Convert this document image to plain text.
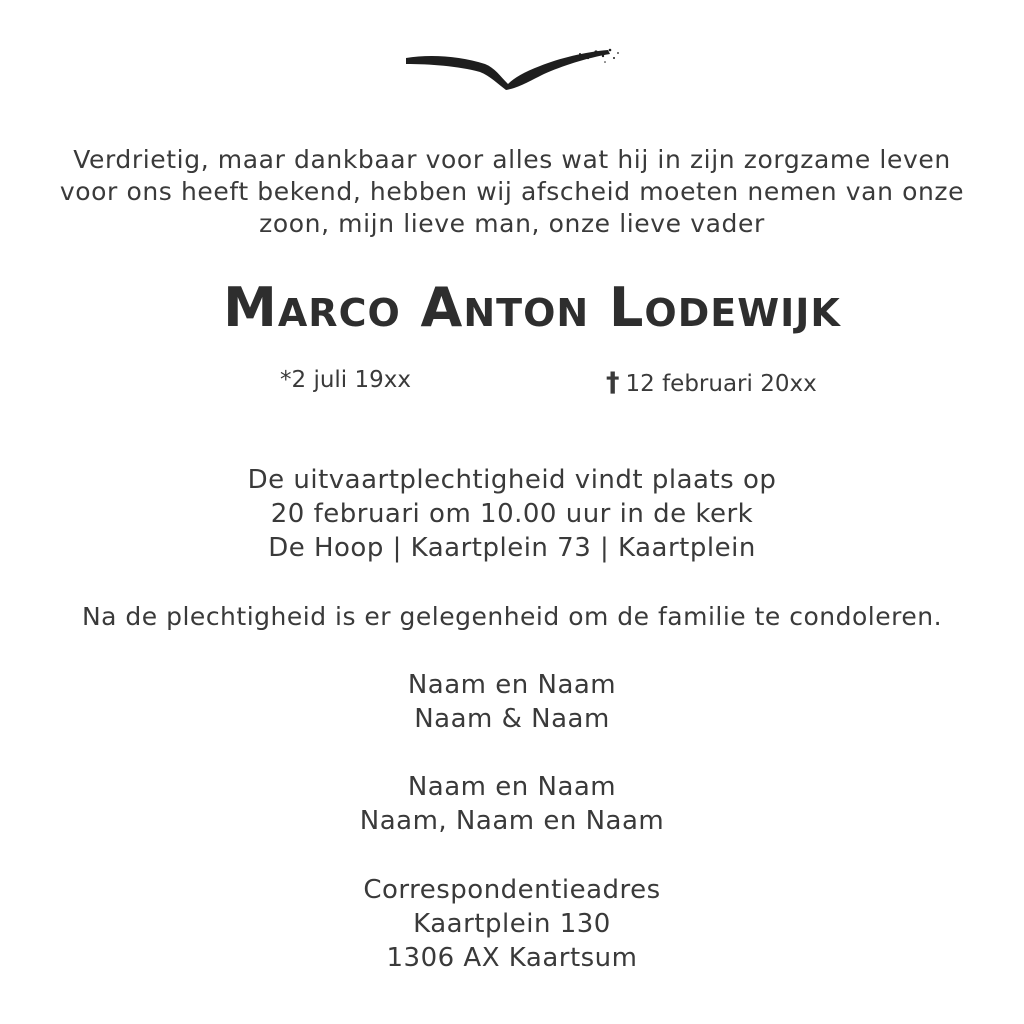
Verdrietig, maar dankbaar voor alles wat hij in zijn zorgzame leven
voor ons heeft bekend, hebben wij afscheid moeten nemen van onze
zoon, mijn lieve man, onze lieve vader
Marco Anton Lodewijk
*2 juli 19xx	† 12 februari 20xx
De uitvaartplechtigheid vindt plaats op
20 februari om 10.00 uur in de kerk
De Hoop | Kaartplein 73 | Kaartplein
Na de plechtigheid is er gelegenheid om de familie te condoleren.
Naam en Naam
Naam & Naam
Naam en Naam
Naam, Naam en Naam
Correspondentieadres
Kaartplein 130
1306 AX Kaartsum
